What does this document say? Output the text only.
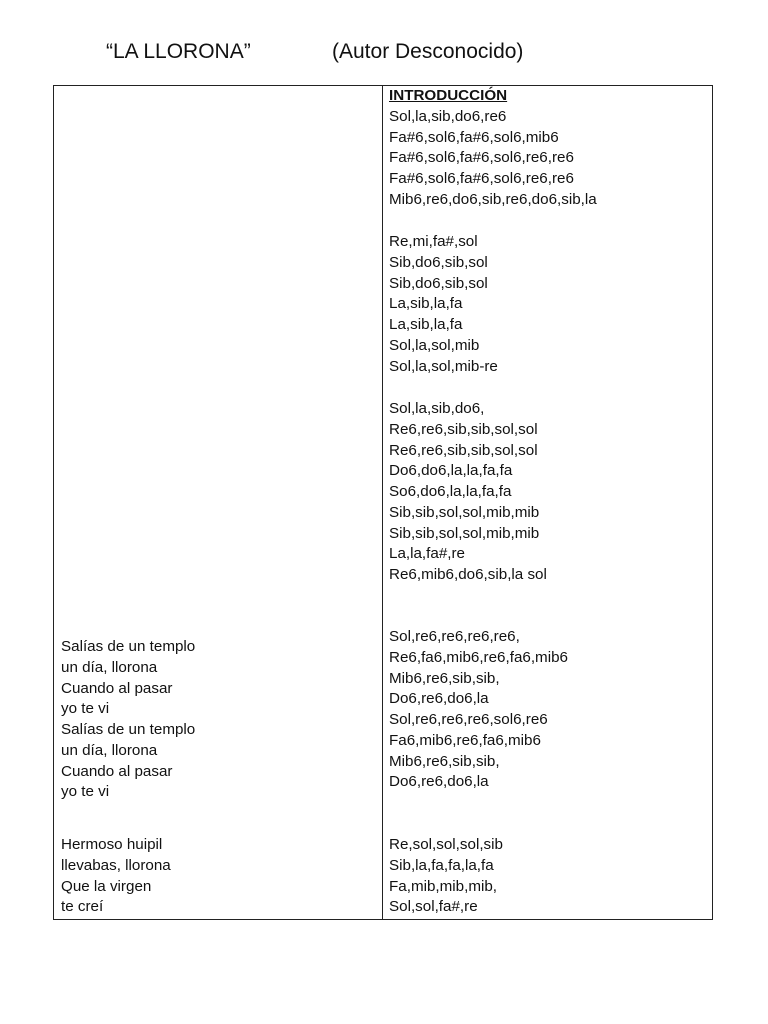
“LA LLORONA”	(Autor Desconocido)
Salías de un templo
un día, llorona
Cuando al pasar
yo te vi
Salías de un templo
un día, llorona
Cuando al pasar
yo te vi
Hermoso huipil
llevabas, llorona
Que la virgen
te creí
INTRODUCCIÓN
Sol,la,sib,do6,re6
Fa#6,sol6,fa#6,sol6,mib6
Fa#6,sol6,fa#6,sol6,re6,re6
Fa#6,sol6,fa#6,sol6,re6,re6
Mib6,re6,do6,sib,re6,do6,sib,la
Re,mi,fa#,sol
Sib,do6,sib,sol
Sib,do6,sib,sol
La,sib,la,fa
La,sib,la,fa
Sol,la,sol,mib
Sol,la,sol,mib-re
Sol,la,sib,do6,
Re6,re6,sib,sib,sol,sol
Re6,re6,sib,sib,sol,sol
Do6,do6,la,la,fa,fa
So6,do6,la,la,fa,fa
Sib,sib,sol,sol,mib,mib
Sib,sib,sol,sol,mib,mib
La,la,fa#,re
Re6,mib6,do6,sib,la sol
Sol,re6,re6,re6,re6,
Re6,fa6,mib6,re6,fa6,mib6
Mib6,re6,sib,sib,
Do6,re6,do6,la
Sol,re6,re6,re6,sol6,re6
Fa6,mib6,re6,fa6,mib6
Mib6,re6,sib,sib,
Do6,re6,do6,la
Re,sol,sol,sol,sib
Sib,la,fa,fa,la,fa
Fa,mib,mib,mib,
Sol,sol,fa#,re
